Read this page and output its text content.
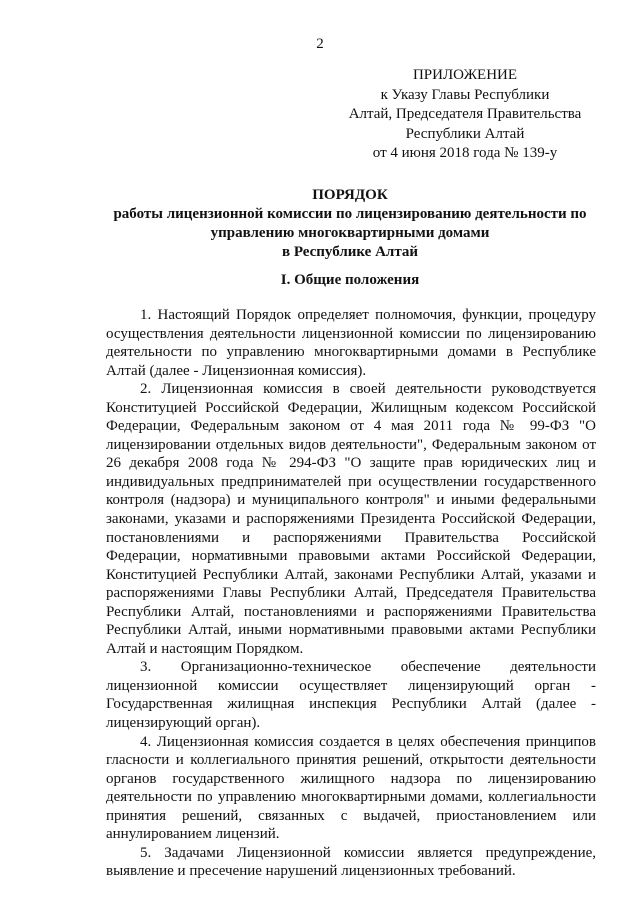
2
ПРИЛОЖЕНИЕ
к Указу Главы Республики
Алтай, Председателя Правительства
Республики Алтай
от 4 июня 2018 года № 139-у
ПОРЯДОК
работы лицензионной комиссии по лицензированию деятельности по
управлению многоквартирными домами
в Республике Алтай
I. Общие положения
1. Настоящий Порядок определяет полномочия, функции, процедуру
осуществления деятельности лицензионной комиссии по лицензированию
деятельности по управлению многоквартирными домами в Республике
Алтай (далее - Лицензионная комиссия).
2. Лицензионная комиссия в своей деятельности руководствуется
Конституцией Российской Федерации, Жилищным кодексом Российской
Федерации, Федеральным законом от 4 мая 2011 года № 99-ФЗ "О
лицензировании отдельных видов деятельности", Федеральным законом от
26 декабря 2008 года № 294-ФЗ "О защите прав юридических лиц и
индивидуальных предпринимателей при осуществлении государственного
контроля (надзора) и муниципального контроля" и иными федеральными
законами, указами и распоряжениями Президента Российской Федерации,
постановлениями и распоряжениями Правительства Российской
Федерации, нормативными правовыми актами Российской Федерации,
Конституцией Республики Алтай, законами Республики Алтай, указами и
распоряжениями Главы Республики Алтай, Председателя Правительства
Республики Алтай, постановлениями и распоряжениями Правительства
Республики Алтай, иными нормативными правовыми актами Республики
Алтай и настоящим Порядком.
3. Организационно-техническое обеспечение деятельности
лицензионной комиссии осуществляет лицензирующий орган -
Государственная жилищная инспекция Республики Алтай (далее -
лицензирующий орган).
4. Лицензионная комиссия создается в целях обеспечения принципов
гласности и коллегиального принятия решений, открытости деятельности
органов государственного жилищного надзора по лицензированию
деятельности по управлению многоквартирными домами, коллегиальности
принятия решений, связанных с выдачей, приостановлением или
аннулированием лицензий.
5. Задачами Лицензионной комиссии является предупреждение,
выявление и пресечение нарушений лицензионных требований.
